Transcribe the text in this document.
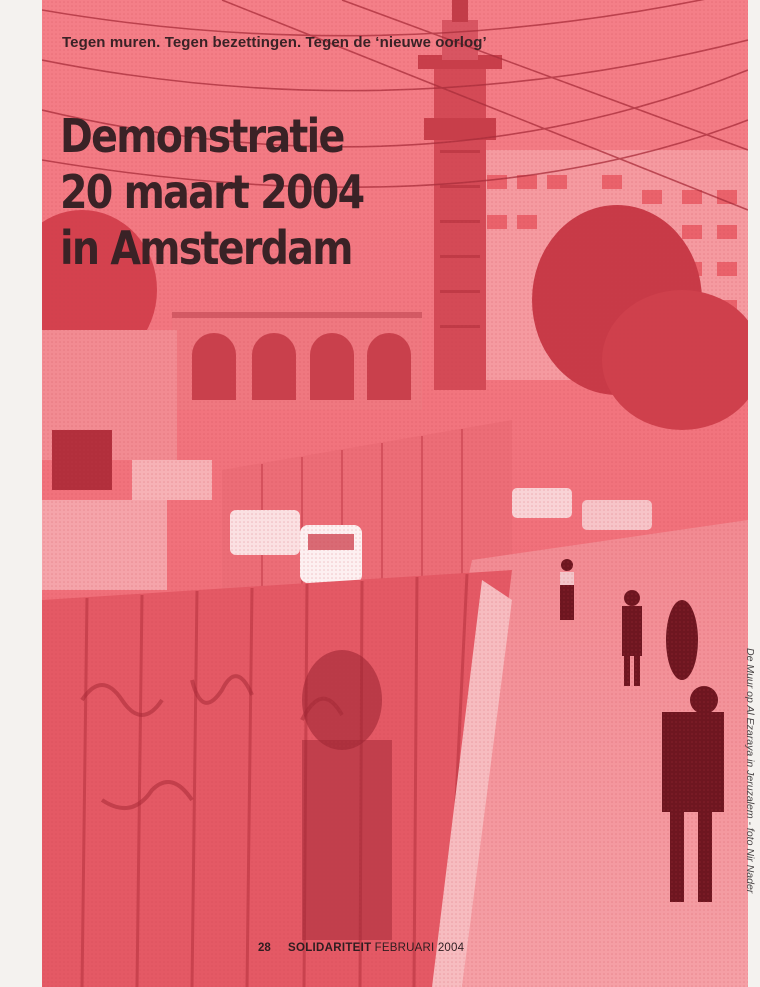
Tegen muren. Tegen bezettingen. Tegen de ‘nieuwe oorlog’
Demonstratie
20 maart 2004
in Amsterdam
De Muur op Al Ezaraya in Jeruzalem - foto Nir Nader
28 SOLIDARITEIT FEBRUARI 2004
